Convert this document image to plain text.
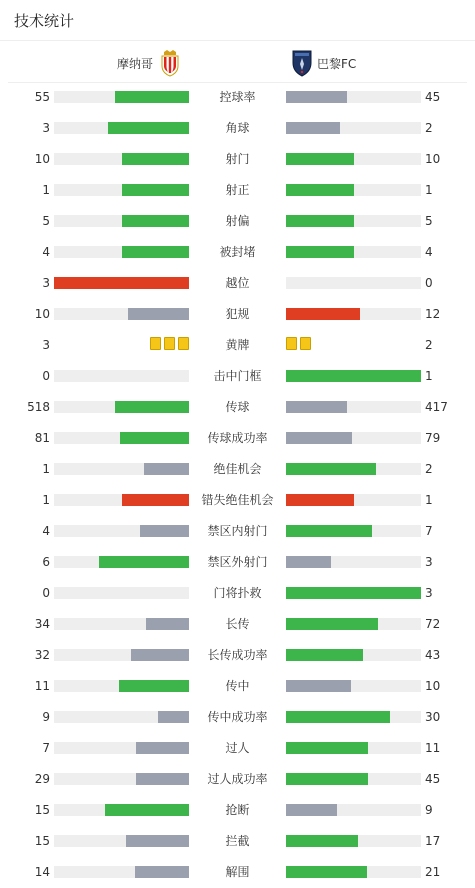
技术统计
摩纳哥	巴黎FC
55	控球率	45
3	角球	2
10	射门	10
1	射正	1
5	射偏	5
4	被封堵	4
3	越位	0
10	犯规	12
3	黄牌	2
0	击中门框	1
518	传球	417
81	传球成功率	79
1	绝佳机会	2
1	错失绝佳机会	1
4	禁区内射门	7
6	禁区外射门	3
0	门将扑救	3
34	长传	72
32	长传成功率	43
11	传中	10
9	传中成功率	30
7	过人	11
29	过人成功率	45
15	抢断	9
15	拦截	17
14	解围	21
